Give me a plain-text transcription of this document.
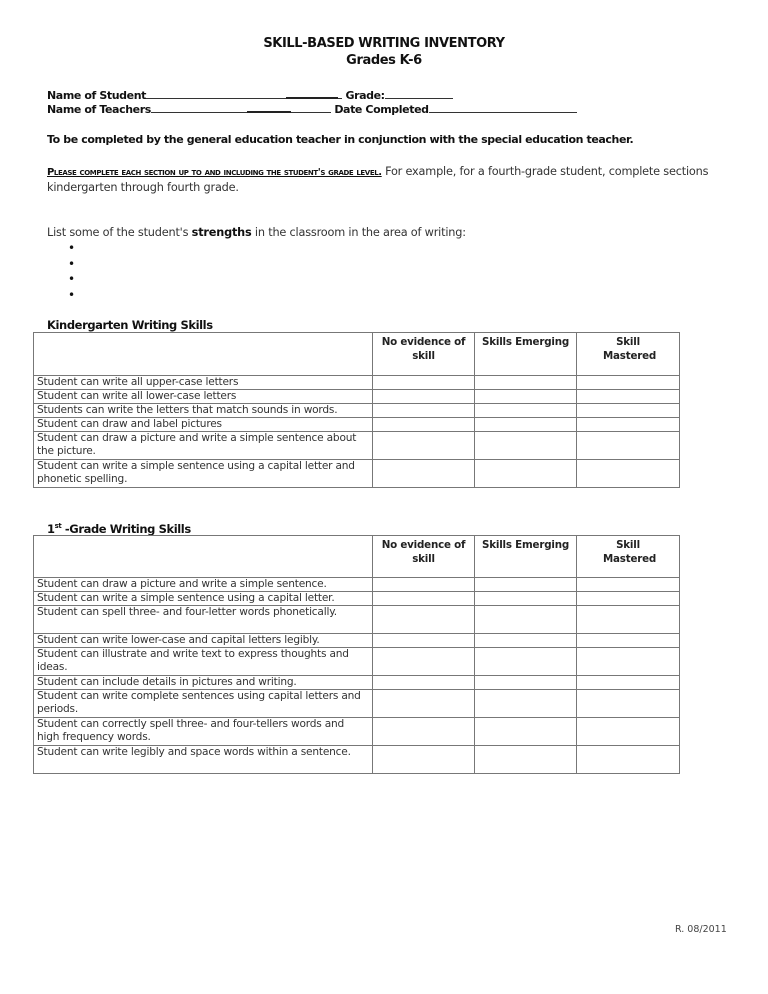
SKILL-BASED WRITING INVENTORY
Grades K-6
Name of Student	Grade:
Name of Teachers	Date Completed
To be completed by the general education teacher in conjunction with the special education teacher.
Please complete each section up to and including the student's grade level. For example, for a fourth-grade student, complete sections kindergarten through fourth grade.
List some of the student's strengths in the classroom in the area of writing:
•
•
•
•
Kindergarten Writing Skills
	No evidence of skill	Skills Emerging	Skill Mastered

Student can write all upper-case letters			
Student can write all lower-case letters			
Students can write the letters that match sounds in words.			
Student can draw and label pictures			
Student can draw a picture and write a simple sentence about the picture.			
Student can write a simple sentence using a capital letter and phonetic spelling.			
1st -Grade Writing Skills
	No evidence of skill	Skills Emerging	Skill Mastered

Student can draw a picture and write a simple sentence.			
Student can write a simple sentence using a capital letter.			
Student can spell three- and four-letter words phonetically.			
Student can write lower-case and capital letters legibly.			
Student can illustrate and write text to express thoughts and ideas.			
Student can include details in pictures and writing.			
Student can write complete sentences using capital letters and periods.			
Student can correctly spell three- and four-tellers words and high frequency words.			
Student can write legibly and space words within a sentence.			
R. 08/2011
